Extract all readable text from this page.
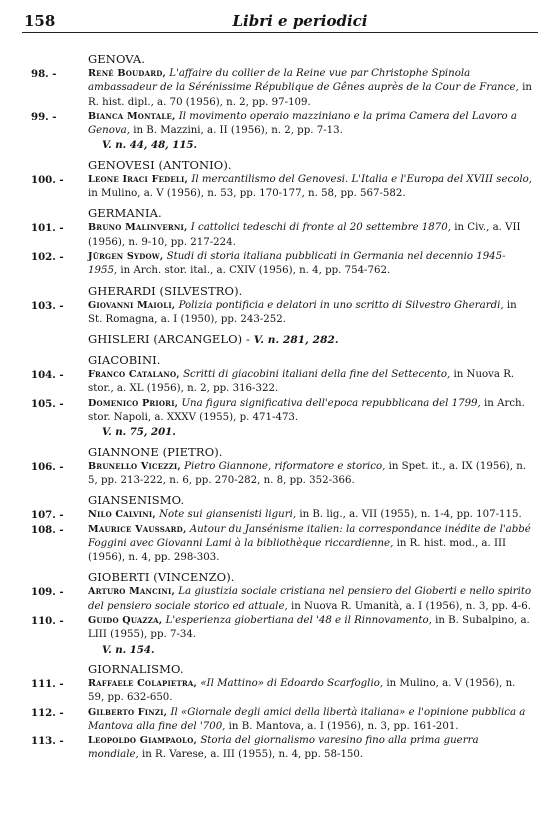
158	Libri e periodici
GENOVA.
98. -	René Boudard, L'affaire du collier de la Reine vue par Christophe Spinola ambassadeur de la Sérénissime République de Gênes auprès de la Cour de France, in R. hist. dipl., a. 70 (1956), n. 2, pp. 97-109.
99. -	Bianca Montale, Il movimento operaio mazziniano e la prima Camera del Lavoro a Genova, in B. Mazzini, a. II (1956), n. 2, pp. 7-13.
V. n. 44, 48, 115.
GENOVESI (ANTONIO).
100. -	Leone Iraci Fedeli, Il mercantilismo del Genovesi. L'Italia e l'Europa del XVIII secolo, in Mulino, a. V (1956), n. 53, pp. 170-177, n. 58, pp. 567-582.
GERMANIA.
101. -	Bruno Malinverni, I cattolici tedeschi di fronte al 20 settembre 1870, in Civ., a. VII (1956), n. 9-10, pp. 217-224.
102. -	Jürgen Sydow, Studi di storia italiana pubblicati in Germania nel decennio 1945-1955, in Arch. stor. ital., a. CXIV (1956), n. 4, pp. 754-762.
GHERARDI (SILVESTRO).
103. -	Giovanni Maioli, Polizia pontificia e delatori in uno scritto di Silvestro Gherardi, in St. Romagna, a. I (1950), pp. 243-252.
GHISLERI (ARCANGELO) - V. n. 281, 282.
GIACOBINI.
104. -	Franco Catalano, Scritti di giacobini italiani della fine del Settecento, in Nuova R. stor., a. XL (1956), n. 2, pp. 316-322.
105. -	Domenico Priori, Una figura significativa dell'epoca repubblicana del 1799, in Arch. stor. Napoli, a. XXXV (1955), p. 471-473.
V. n. 75, 201.
GIANNONE (PIETRO).
106. -	Brunello Vicezzi, Pietro Giannone, riformatore e storico, in Spet. it., a. IX (1956), n. 5, pp. 213-222, n. 6, pp. 270-282, n. 8, pp. 352-366.
GIANSENISMO.
107. -	Nilo Calvini, Note sui giansenisti liguri, in B. lig., a. VII (1955), n. 1-4, pp. 107-115.
108. -	Maurice Vaussard, Autour du Jansénisme italien: la correspondance inédite de l'abbé Foggini avec Giovanni Lami à la bibliothèque riccardienne, in R. hist. mod., a. III (1956), n. 4, pp. 298-303.
GIOBERTI (VINCENZO).
109. -	Arturo Mancini, La giustizia sociale cristiana nel pensiero del Gioberti e nello spirito del pensiero sociale storico ed attuale, in Nuova R. Umanità, a. I (1956), n. 3, pp. 4-6.
110. -	Guido Quazza, L'esperienza giobertiana del '48 e il Rinnovamento, in B. Subalpino, a. LIII (1955), pp. 7-34.
V. n. 154.
GIORNALISMO.
111. -	Raffaele Colapietra, «Il Mattino» di Edoardo Scarfoglio, in Mulino, a. V (1956), n. 59, pp. 632-650.
112. -	Gilberto Finzi, Il «Giornale degli amici della libertà italiana» e l'opinione pubblica a Mantova alla fine del '700, in B. Mantova, a. I (1956), n. 3, pp. 161-201.
113. -	Leopoldo Giampaolo, Storia del giornalismo varesino fino alla prima guerra mondiale, in R. Varese, a. III (1955), n. 4, pp. 58-150.
